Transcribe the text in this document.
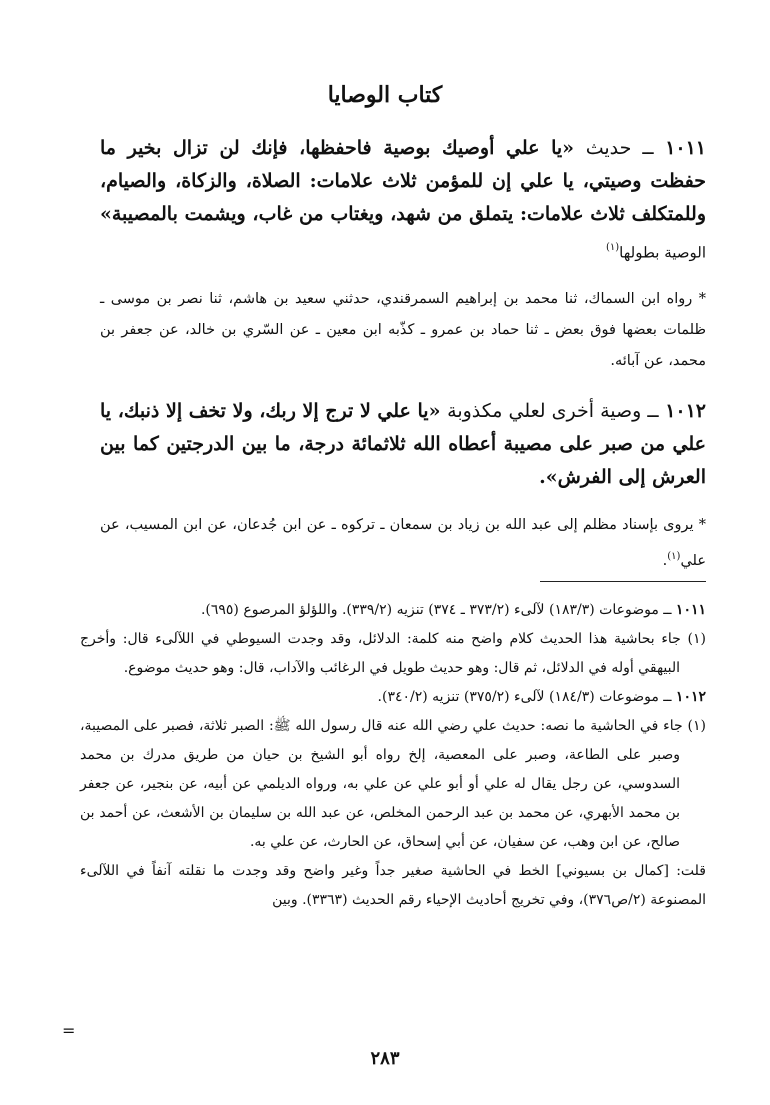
كتاب الوصايا
١٠١١ ــ حديث «يا علي أوصيك بوصية فاحفظها، فإنك لن تزال بخير ما حفظت وصيتي، يا علي إن للمؤمن ثلاث علامات: الصلاة، والزكاة، والصيام، وللمتكلف ثلاث علامات: يتملق من شهد، ويغتاب من غاب، ويشمت بالمصيبة» الوصية بطولها$^{(١)}$
* رواه ابن السماك، ثنا محمد بن إبراهيم السمرقندي، حدثني سعيد بن هاشم، ثنا نصر بن موسى ـ ظلمات بعضها فوق بعض ـ ثنا حماد بن عمرو ـ كذّبه ابن معين ـ عن السّري بن خالد، عن جعفر بن محمد، عن آبائه.
١٠١٢ ــ وصية أخرى لعلي مكذوبة «يا علي لا ترج إلا ربك، ولا تخف إلا ذنبك، يا علي من صبر على مصيبة أعطاه الله ثلاثمائة درجة، ما بين الدرجتين كما بين العرش إلى الفرش».
* يروى بإسناد مظلم إلى عبد الله بن زياد بن سمعان ـ تركوه ـ عن ابن جُدعان، عن ابن المسيب، عن علي$^{(١)}$.
١٠١١ ــ موضوعات (١٨٣/٣) لآلىء (٣٧٣/٢ ـ ٣٧٤) تنزيه (٣٣٩/٢). واللؤلؤ المرصوع (٦٩٥).
(١) جاء بحاشية هذا الحديث كلام واضح منه كلمة: الدلائل، وقد وجدت السيوطي في اللآلىء قال: وأخرج البيهقي أوله في الدلائل، ثم قال: وهو حديث طويل في الرغائب والآداب، قال: وهو حديث موضوع.
١٠١٢ ــ موضوعات (١٨٤/٣) لآلىء (٣٧٥/٢) تنزيه (٣٤٠/٢).
(١) جاء في الحاشية ما نصه: حديث علي رضي الله عنه قال رسول الله ﷺ: الصبر ثلاثة، فصبر على المصيبة، وصبر على الطاعة، وصبر على المعصية، إلخ رواه أبو الشيخ بن حيان من طريق مدرك بن محمد السدوسي، عن رجل يقال له علي أو أبو علي عن علي به، ورواه الديلمي عن أبيه، عن بنجير، عن جعفر بن محمد الأبهري، عن محمد بن عبد الرحمن المخلص، عن عبد الله بن سليمان بن الأشعث، عن أحمد بن صالح، عن ابن وهب، عن سفيان، عن أبي إسحاق، عن الحارث، عن علي به.
قلت: [كمال بن بسيوني] الخط في الحاشية صغير جداً وغير واضح وقد وجدت ما نقلته آنفاً في اللآلىء المصنوعة (٢/ص٣٧٦)، وفي تخريج أحاديث الإحياء رقم الحديث (٣٣٦٣). وبين
=
٢٨٣
